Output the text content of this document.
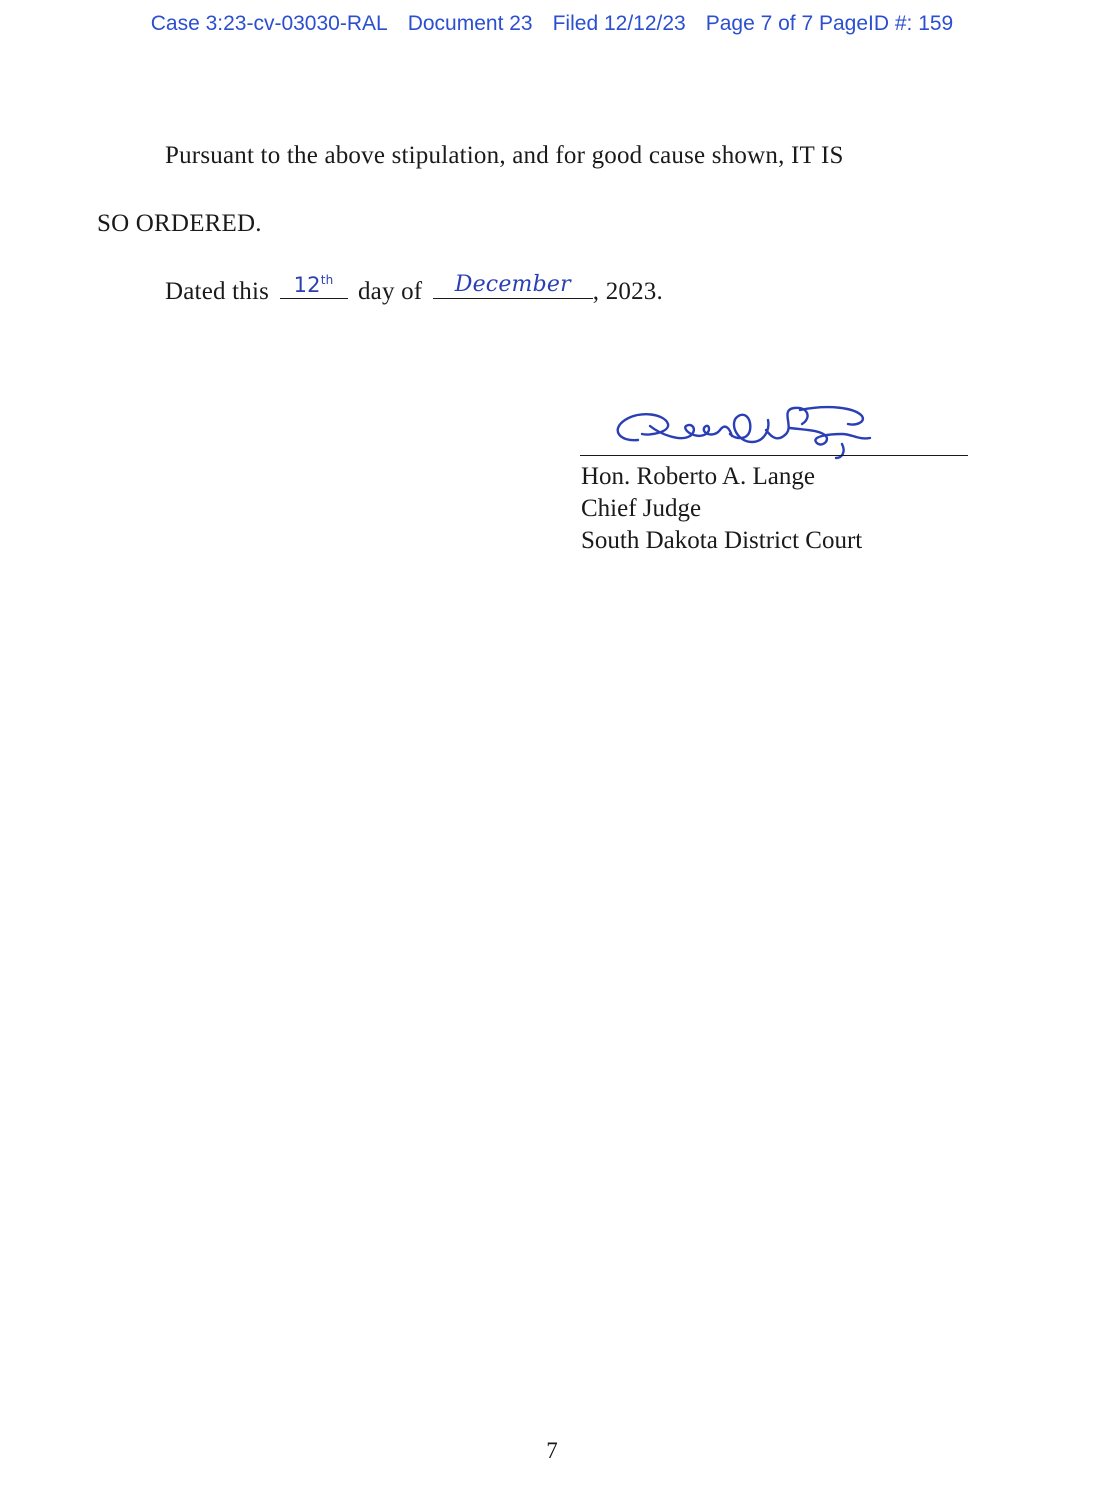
Case 3:23-cv-03030-RAL Document 23 Filed 12/12/23 Page 7 of 7 PageID #: 159
Pursuant to the above stipulation, and for good cause shown, IT IS
SO ORDERED.
Dated this 12th day of	December , 2023.
Hon. Roberto A. Lange
Chief Judge
South Dakota District Court
7
